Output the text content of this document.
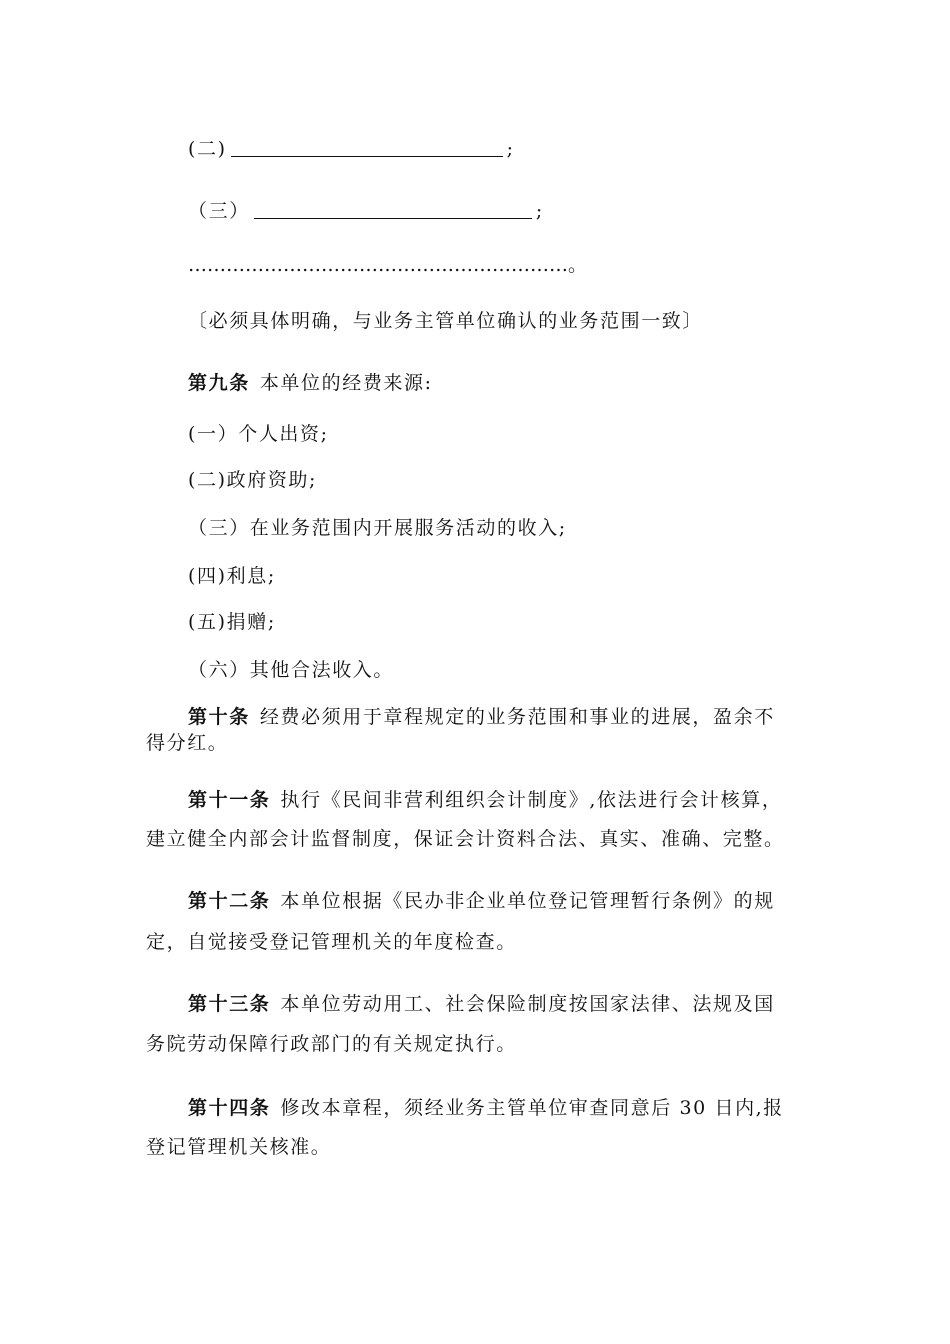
(二)	;
（三）	;
……………………………………………………。
〔必须具体明确，与业务主管单位确认的业务范围一致〕
第九条 本单位的经费来源:
(一）个人出资;
(二)政府资助;
（三）在业务范围内开展服务活动的收入;
(四)利息;
(五)捐赠;
（六）其他合法收入。
第十条 经费必须用于章程规定的业务范围和事业的进展，盈余不
得分红。
第十一条 执行《民间非营利组织会计制度》,依法进行会计核算，
建立健全内部会计监督制度，保证会计资料合法、真实、准确、完整。
第十二条 本单位根据《民办非企业单位登记管理暂行条例》的规
定，自觉接受登记管理机关的年度检查。
第十三条 本单位劳动用工、社会保险制度按国家法律、法规及国
务院劳动保障行政部门的有关规定执行。
第十四条 修改本章程，须经业务主管单位审查同意后 30 日内,报
登记管理机关核准。
